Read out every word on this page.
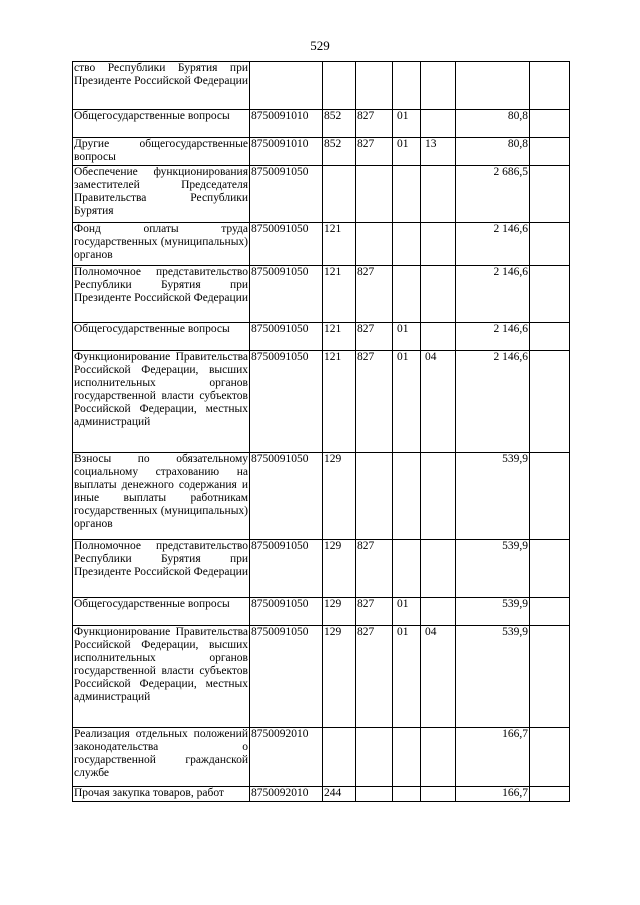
529
ство Республики Бурятия при Президенте Российской Федерации							
Общегосударственные вопросы	8750091010	852	827	01		80,8	
Другие общегосударственные вопросы	8750091010	852	827	01	13	80,8	
Обеспечение функционирования заместителей Председателя Правительства Республики Бурятия	8750091050					2 686,5	
Фонд оплаты труда государственных (муниципальных) органов	8750091050	121				2 146,6	
Полномочное представительство Республики Бурятия при Президенте Российской Федерации	8750091050	121	827			2 146,6	
Общегосударственные вопросы	8750091050	121	827	01		2 146,6	
Функционирование Правительства Российской Федерации, высших исполнительных органов государственной власти субъектов Российской Федерации, местных администраций	8750091050	121	827	01	04	2 146,6	
Взносы по обязательному социальному страхованию на выплаты денежного содержания и иные выплаты работникам государственных (муниципальных) органов	8750091050	129				539,9	
Полномочное представительство Республики Бурятия при Президенте Российской Федерации	8750091050	129	827			539,9	
Общегосударственные вопросы	8750091050	129	827	01		539,9	
Функционирование Правительства Российской Федерации, высших исполнительных органов государственной власти субъектов Российской Федерации, местных администраций	8750091050	129	827	01	04	539,9	
Реализация отдельных положений законодательства о государственной гражданской службе	8750092010					166,7	
Прочая закупка товаров, работ	8750092010	244				166,7	
